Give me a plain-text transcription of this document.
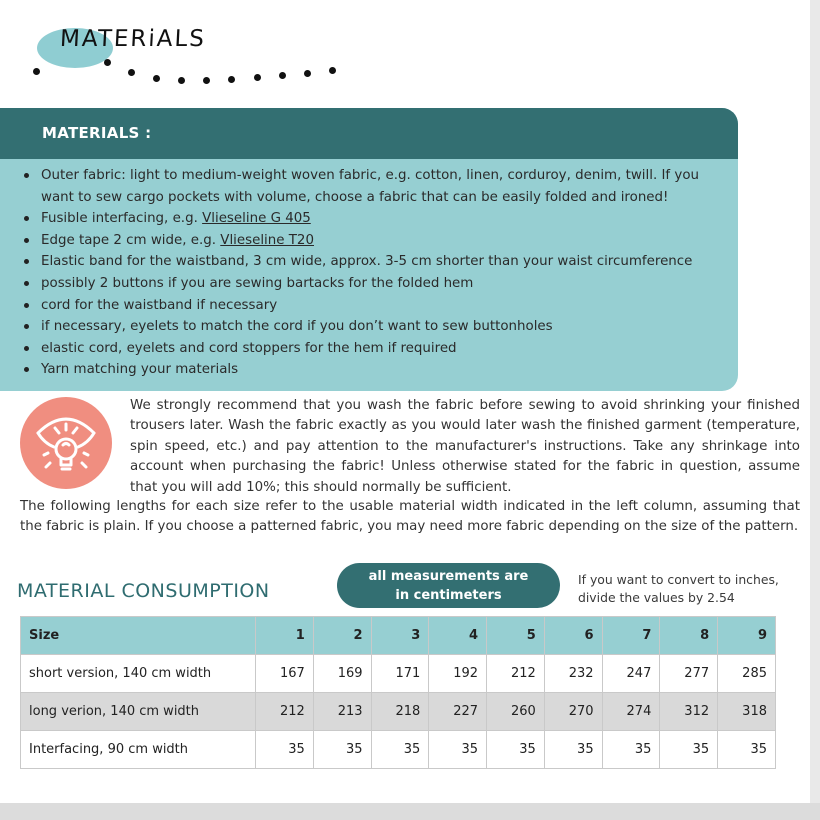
MATERiALS
MATERIALS :
Outer fabric: light to medium-weight woven fabric, e.g. cotton, linen, corduroy, denim, twill. If you want to sew cargo pockets with volume, choose a fabric that can be easily folded and ironed!
Fusible interfacing, e.g. Vlieseline G 405
Edge tape 2 cm wide, e.g. Vlieseline T20
Elastic band for the waistband, 3 cm wide, approx. 3-5 cm shorter than your waist circumference
possibly 2 buttons if you are sewing bartacks for the folded hem
cord for the waistband if necessary
if necessary, eyelets to match the cord if you don’t want to sew buttonholes
elastic cord, eyelets and cord stoppers for the hem if required
Yarn matching your materials
We strongly recommend that you wash the fabric before sewing to avoid shrinking your finished trousers later. Wash the fabric exactly as you would later wash the finished garment (temperature, spin speed, etc.) and pay attention to the manufacturer's instructions. Take any shrinkage into account when purchasing the fabric! Unless otherwise stated for the fabric in question, assume that you will add 10%; this should normally be sufficient.
The following lengths for each size refer to the usable material width indicated in the left column, assuming that the fabric is plain. If you choose a patterned fabric, you may need more fabric depending on the size of the pattern.
MATERIAL CONSUMPTION
all measurements are
in centimeters
If you want to convert to inches, divide the values by 2.54
Size	1	2	3	4	5	6	7	8	9
short version, 140 cm width	167	169	171	192	212	232	247	277	285
long verion, 140 cm width	212	213	218	227	260	270	274	312	318
Interfacing, 90 cm width	35	35	35	35	35	35	35	35	35
